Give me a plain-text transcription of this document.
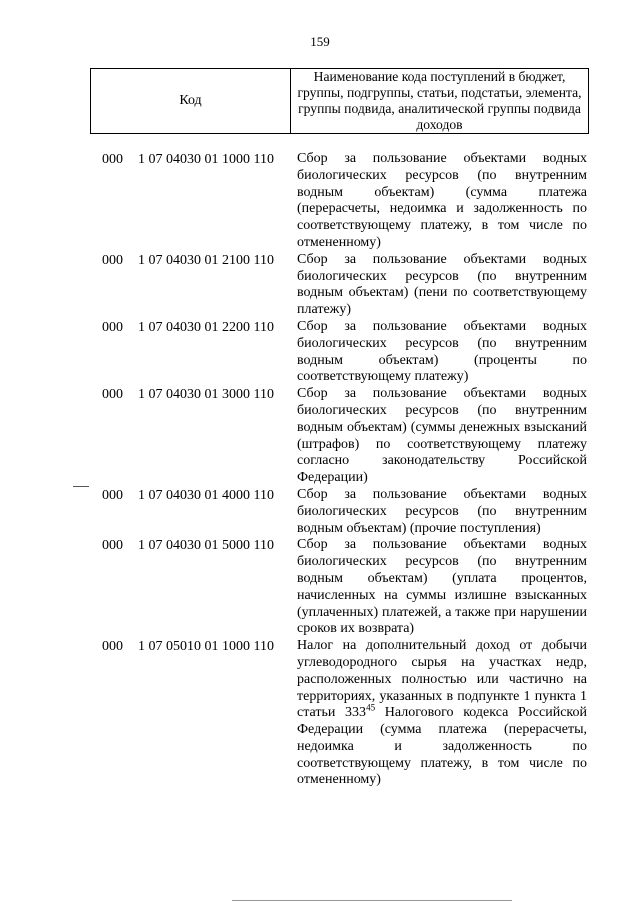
159
Код
Наименование кода поступлений в бюджет, группы, подгруппы, статьи, подстатьи, элемента, группы подвида, аналитической группы подвида доходов
000 1 07 04030 01 1000 110 Сбор за пользование объектами водных биологических ресурсов (по внутренним водным объектам) (сумма платежа (перерасчеты, недоимка и задолженность по соответствующему платежу, в том числе по отмененному)
000 1 07 04030 01 2100 110 Сбор за пользование объектами водных биологических ресурсов (по внутренним водным объектам) (пени по соответствующему платежу)
000 1 07 04030 01 2200 110 Сбор за пользование объектами водных биологических ресурсов (по внутренним водным объектам) (проценты по соответствующему платежу)
000 1 07 04030 01 3000 110 Сбор за пользование объектами водных биологических ресурсов (по внутренним водным объектам) (суммы денежных взысканий (штрафов) по соответствующему платежу согласно законодательству Российской Федерации)
000 1 07 04030 01 4000 110 Сбор за пользование объектами водных биологических ресурсов (по внутренним водным объектам) (прочие поступления)
000 1 07 04030 01 5000 110 Сбор за пользование объектами водных биологических ресурсов (по внутренним водным объектам) (уплата процентов, начисленных на суммы излишне взысканных (уплаченных) платежей, а также при нарушении сроков их возврата)
000 1 07 05010 01 1000 110 Налог на дополнительный доход от добычи углеводородного сырья на участках недр, расположенных полностью или частично на территориях, указанных в подпункте 1 пункта 1 статьи $333^{45}$ Налогового кодекса Российской Федерации (сумма платежа (перерасчеты, недоимка и задолженность по соответствующему платежу, в том числе по отмененному)
